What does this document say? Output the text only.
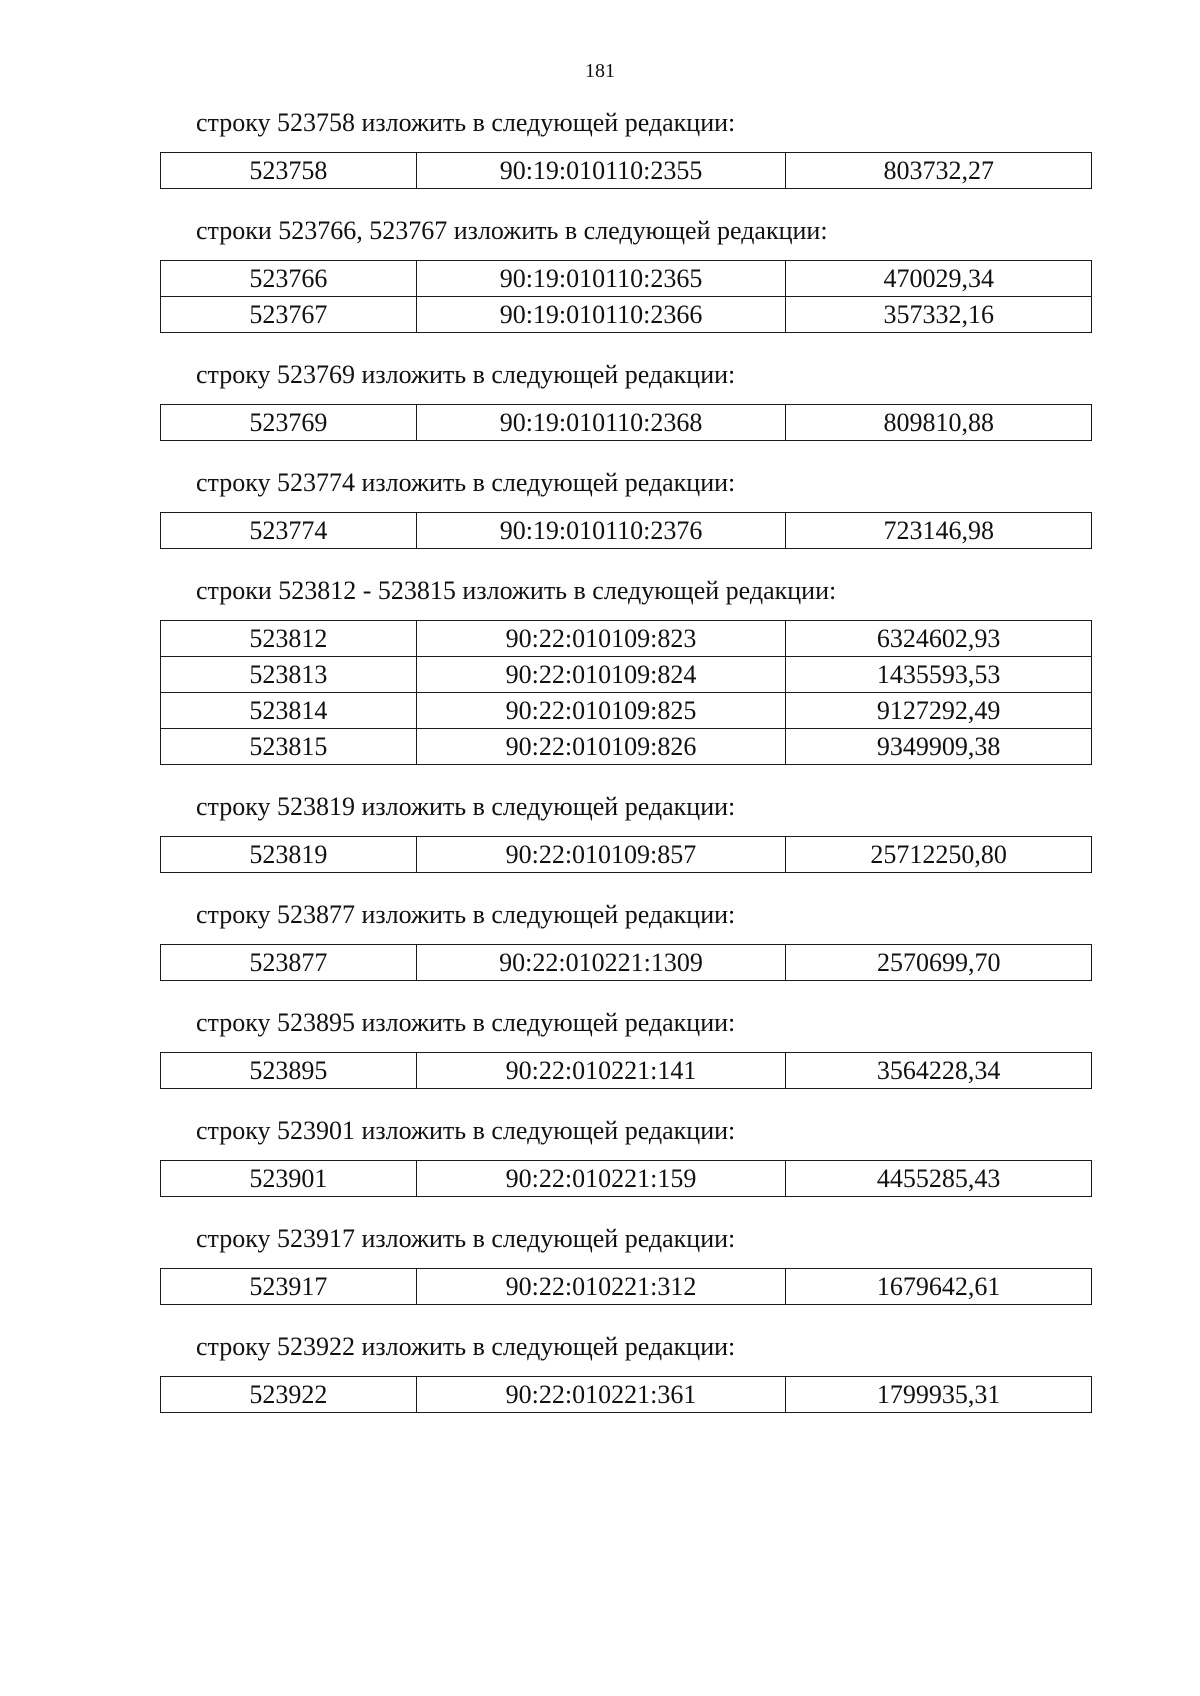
181
строку 523758 изложить в следующей редакции:
523758	90:19:010110:2355	803732,27
строки 523766, 523767 изложить в следующей редакции:
523766	90:19:010110:2365	470029,34
523767	90:19:010110:2366	357332,16
строку 523769 изложить в следующей редакции:
523769	90:19:010110:2368	809810,88
строку 523774 изложить в следующей редакции:
523774	90:19:010110:2376	723146,98
строки 523812 - 523815 изложить в следующей редакции:
523812	90:22:010109:823	6324602,93
523813	90:22:010109:824	1435593,53
523814	90:22:010109:825	9127292,49
523815	90:22:010109:826	9349909,38
строку 523819 изложить в следующей редакции:
523819	90:22:010109:857	25712250,80
строку 523877 изложить в следующей редакции:
523877	90:22:010221:1309	2570699,70
строку 523895 изложить в следующей редакции:
523895	90:22:010221:141	3564228,34
строку 523901 изложить в следующей редакции:
523901	90:22:010221:159	4455285,43
строку 523917 изложить в следующей редакции:
523917	90:22:010221:312	1679642,61
строку 523922 изложить в следующей редакции:
523922	90:22:010221:361	1799935,31
